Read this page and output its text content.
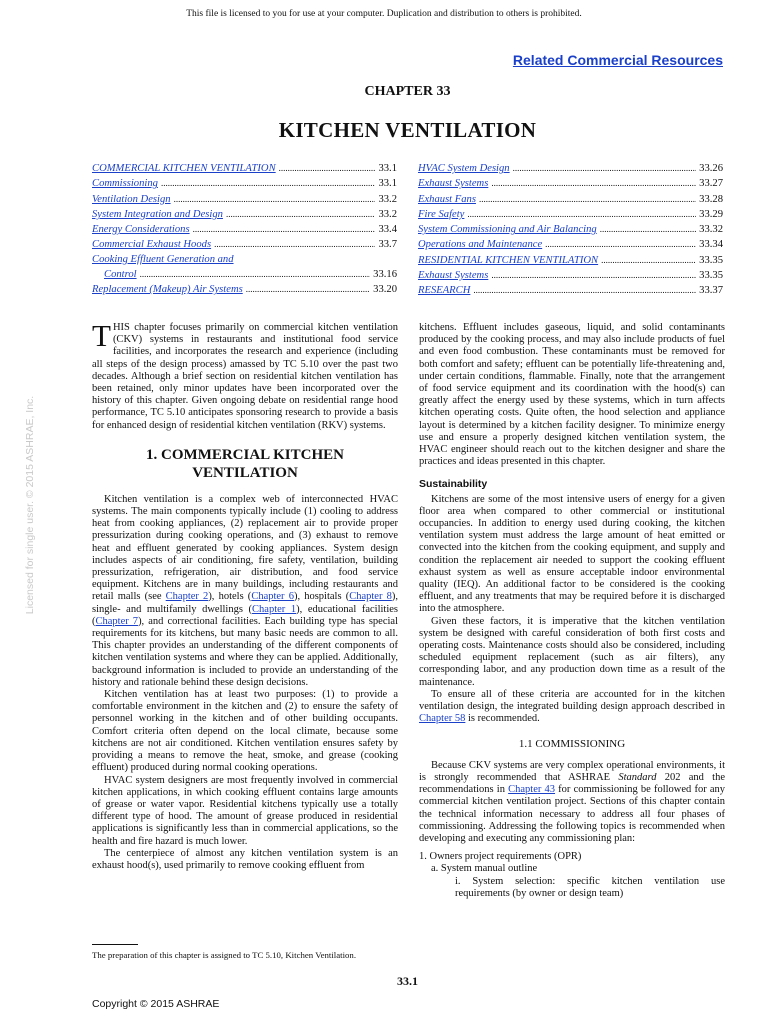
This file is licensed to you for use at your computer. Duplication and distribution to others is prohibited.
Related Commercial Resources
CHAPTER 33
KITCHEN VENTILATION
COMMERCIAL KITCHEN VENTILATION .....	33.1
Commissioning .....	33.1
Ventilation Design .....	33.2
System Integration and Design .....	33.2
Energy Considerations .....	33.4
Commercial Exhaust Hoods .....	33.7
Cooking Effluent Generation and
Control .....	33.16
Replacement (Makeup) Air Systems .....	33.20
HVAC System Design .....	33.26
Exhaust Systems .....	33.27
Exhaust Fans .....	33.28
Fire Safety .....	33.29
System Commissioning and Air Balancing .....	33.32
Operations and Maintenance .....	33.34
RESIDENTIAL KITCHEN VENTILATION .....	33.35
Exhaust Systems .....	33.35
RESEARCH .....	33.37

THIS chapter focuses primarily on commercial kitchen ventilation (CKV) systems in restaurants and institutional food service facilities, and incorporates the research and experience (including all steps of the design process) amassed by TC 5.10 over the past two decades. Although a brief section on residential kitchen ventilation has been retained, only minor updates have been incorporated over the history of this chapter. Given ongoing debate on residential range hood performance, TC 5.10 anticipates sponsoring research to provide a basis for enhanced design of residential kitchen ventilation (RKV) systems.

1. COMMERCIAL KITCHEN
VENTILATION

Kitchen ventilation is a complex web of interconnected HVAC systems. The main components typically include (1) cooling to address heat from cooking appliances, (2) replacement air to provide proper pressurization during cooking operations, and (3) exhaust to remove heat and effluent generated by cooking appliances. System design includes aspects of air conditioning, fire safety, ventilation, building pressurization, refrigeration, air distribution, and food service equipment. Kitchens are in many buildings, including restaurants and retail malls (see Chapter 2), hotels (Chapter 6), hospitals (Chapter 8), single- and multifamily dwellings (Chapter 1), educational facilities (Chapter 7), and correctional facilities. Each building type has special requirements for its kitchens, but many basic needs are common to all. This chapter provides an understanding of the different components of kitchen ventilation systems and where they can be applied. Additionally, background information is included to provide an understanding of the history and rationale behind these design decisions.

Kitchen ventilation has at least two purposes: (1) to provide a comfortable environment in the kitchen and (2) to ensure the safety of personnel working in the kitchen and of other building occupants. Comfort criteria often depend on the local climate, because some kitchens are not air conditioned. Kitchen ventilation ensures safety by providing a means to remove the heat, smoke, and grease (cooking effluent) produced during normal cooking operations.

HVAC system designers are most frequently involved in commercial kitchen applications, in which cooking effluent contains large amounts of grease or water vapor. Residential kitchens typically use a totally different type of hood. The amount of grease produced in residential applications is significantly less than in commercial applications, so the health and fire hazard is much lower.

The centerpiece of almost any kitchen ventilation system is an exhaust hood(s), used primarily to remove cooking effluent from

kitchens. Effluent includes gaseous, liquid, and solid contaminants produced by the cooking process, and may also include products of fuel and even food combustion. These contaminants must be removed for both comfort and safety; effluent can be potentially life-threatening and, under certain conditions, flammable. Finally, note that the arrangement of food service equipment and its coordination with the hood(s) can greatly affect the energy used by these systems, which in turn affects kitchen operating costs. Quite often, the hood selection and appliance layout is determined by a kitchen facility designer. To minimize energy use and ensure a properly designed kitchen ventilation system, the HVAC engineer should reach out to the kitchen designer and share the practices and ideas presented in this chapter.

Sustainability

Kitchens are some of the most intensive users of energy for a given floor area when compared to other commercial or institutional occupancies. In addition to energy used during cooking, the kitchen ventilation system must address the large amount of heat emitted or convected into the kitchen from the cooking equipment, and supply and condition the replacement air needed to support the cooking effluent exhaust system as well as ensure acceptable indoor environmental quality (IEQ). An additional factor to be considered is the cooking effluent, and any treatments that may be required before it is discharged into the atmosphere.

Given these factors, it is imperative that the kitchen ventilation system be designed with careful consideration of both first costs and operating costs. Maintenance costs should also be considered, including scheduled equipment replacement (such as air filters), any corresponding labor, and any production down time as a result of the maintenance.

To ensure all of these criteria are accounted for in the kitchen ventilation design, the integrated building design approach described in Chapter 58 is recommended.

1.1 COMMISSIONING

Because CKV systems are very complex operational environments, it is strongly recommended that ASHRAE Standard 202 and the recommendations in Chapter 43 for commissioning be followed for any commercial kitchen ventilation project. Sections of this chapter contain the technical information necessary to address all four phases of commissioning. Addressing the following topics is recommended when developing and executing any commissioning plan:

1. Owners project requirements (OPR)
a. System manual outline
i. System selection: specific kitchen ventilation use requirements (by owner or design team)
The preparation of this chapter is assigned to TC 5.10, Kitchen Ventilation.
33.1
Copyright © 2015 ASHRAE
Licensed for single user. © 2015 ASHRAE, Inc.
